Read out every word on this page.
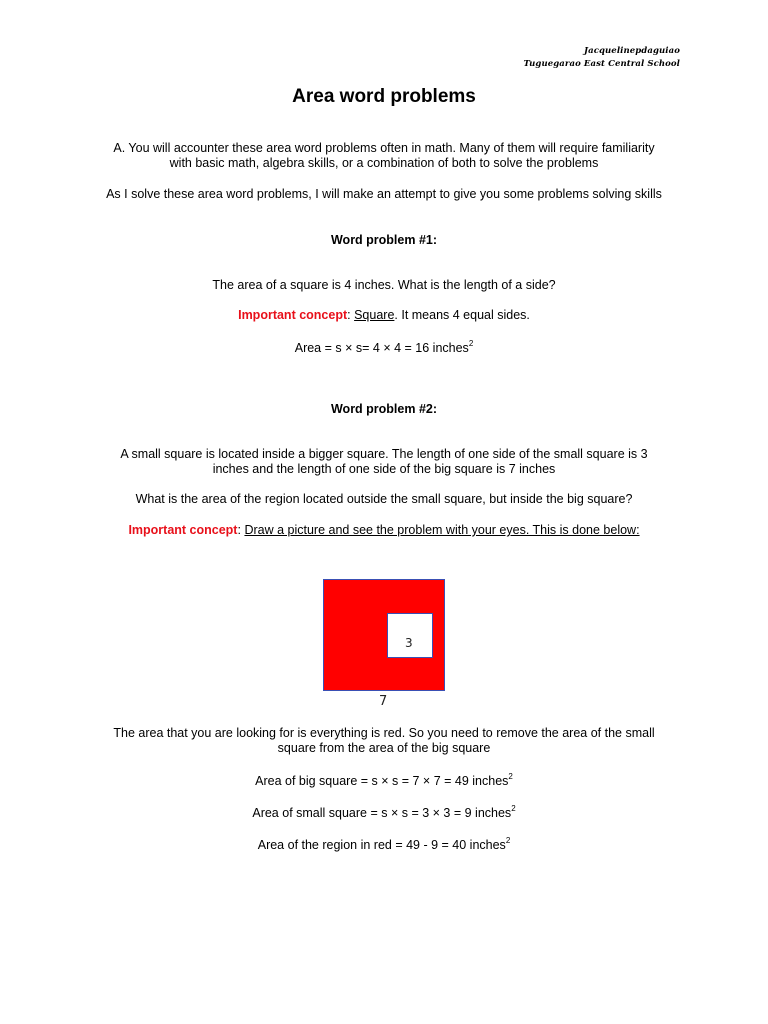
Jacquelinepdaguiao
Tuguegarao East Central School
Area word problems
A. You will accounter these area word problems often in math. Many of them will require familiarity
with basic math, algebra skills, or a combination of both to solve the problems
As I solve these area word problems, I will make an attempt to give you some problems solving skills
Word problem #1:
The area of a square is 4 inches. What is the length of a side?
Important concept: Square. It means 4 equal sides.
Area = s × s= 4 × 4 = 16 inches$^2$
Word problem #2:
A small square is located inside a bigger square. The length of one side of the small square is 3
inches and the length of one side of the big square is 7 inches
What is the area of the region located outside the small square, but inside the big square?
Important concept: Draw a picture and see the problem with your eyes. This is done below:
3
7
The area that you are looking for is everything is red. So you need to remove the area of the small
square from the area of the big square
Area of big square = s × s = 7 × 7 = 49 inches$^2$
Area of small square = s × s = 3 × 3 = 9 inches$^2$
Area of the region in red = 49 - 9 = 40 inches$^2$
